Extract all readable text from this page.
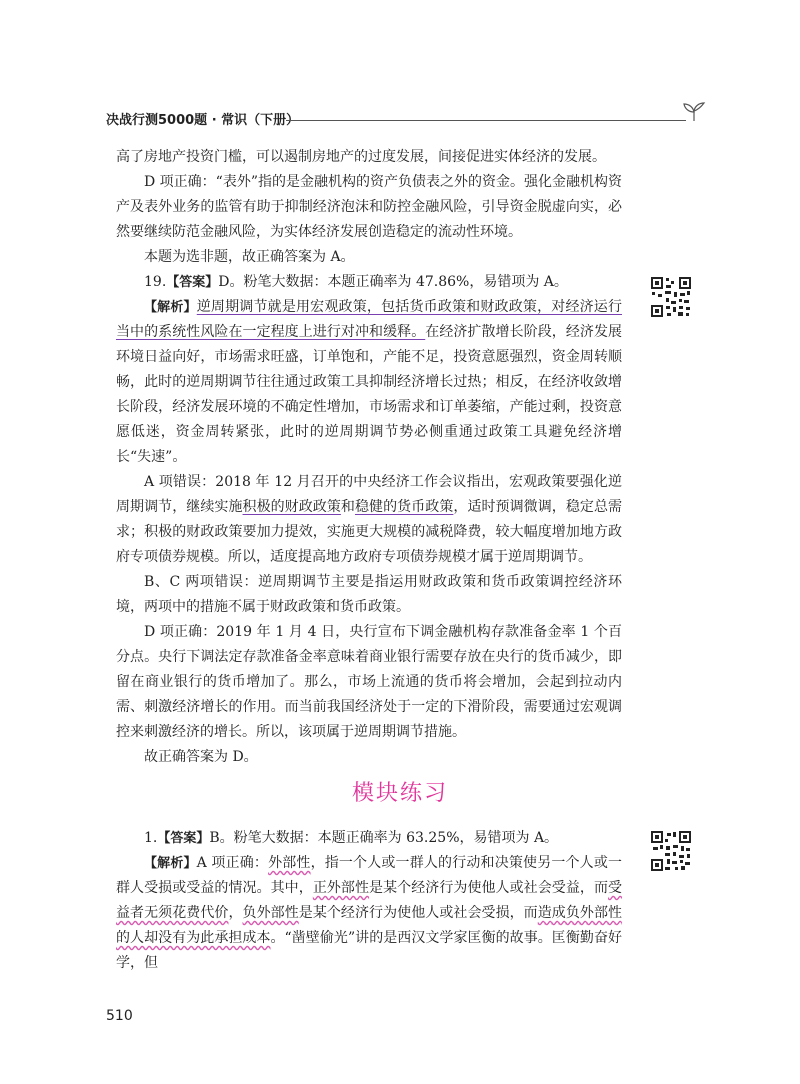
决战行测5000题 · 常识（下册）

高了房地产投资门槛，可以遏制房地产的过度发展，间接促进实体经济的发展。

D 项正确：“表外”指的是金融机构的资产负债表之外的资金。强化金融机构资产及表外业务的监管有助于抑制经济泡沫和防控金融风险，引导资金脱虚向实，必然要继续防范金融风险，为实体经济发展创造稳定的流动性环境。

本题为选非题，故正确答案为 A。

19.【答案】D。粉笔大数据：本题正确率为 47.86%，易错项为 A。

【解析】逆周期调节就是用宏观政策，包括货币政策和财政政策，对经济运行当中的系统性风险在一定程度上进行对冲和缓释。在经济扩散增长阶段，经济发展环境日益向好，市场需求旺盛，订单饱和，产能不足，投资意愿强烈，资金周转顺畅，此时的逆周期调节往往通过政策工具抑制经济增长过热；相反，在经济收敛增长阶段，经济发展环境的不确定性增加，市场需求和订单萎缩，产能过剩，投资意愿低迷，资金周转紧张，此时的逆周期调节势必侧重通过政策工具避免经济增长“失速”。

A 项错误：2018 年 12 月召开的中央经济工作会议指出，宏观政策要强化逆周期调节，继续实施积极的财政政策和稳健的货币政策，适时预调微调，稳定总需求；积极的财政政策要加力提效，实施更大规模的减税降费，较大幅度增加地方政府专项债券规模。所以，适度提高地方政府专项债券规模才属于逆周期调节。

B、C 两项错误：逆周期调节主要是指运用财政政策和货币政策调控经济环境，两项中的措施不属于财政政策和货币政策。

D 项正确：2019 年 1 月 4 日，央行宣布下调金融机构存款准备金率 1 个百分点。央行下调法定存款准备金率意味着商业银行需要存放在央行的货币减少，即留在商业银行的货币增加了。那么，市场上流通的货币将会增加，会起到拉动内需、刺激经济增长的作用。而当前我国经济处于一定的下滑阶段，需要通过宏观调控来刺激经济的增长。所以，该项属于逆周期调节措施。

故正确答案为 D。

模块练习

1.【答案】B。粉笔大数据：本题正确率为 63.25%，易错项为 A。

【解析】A 项正确：外部性，指一个人或一群人的行动和决策使另一个人或一群人受损或受益的情况。其中，正外部性是某个经济行为使他人或社会受益，而受益者无须花费代价，负外部性是某个经济行为使他人或社会受损，而造成负外部性的人却没有为此承担成本。“凿壁偷光”讲的是西汉文学家匡衡的故事。匡衡勤奋好学，但

510
